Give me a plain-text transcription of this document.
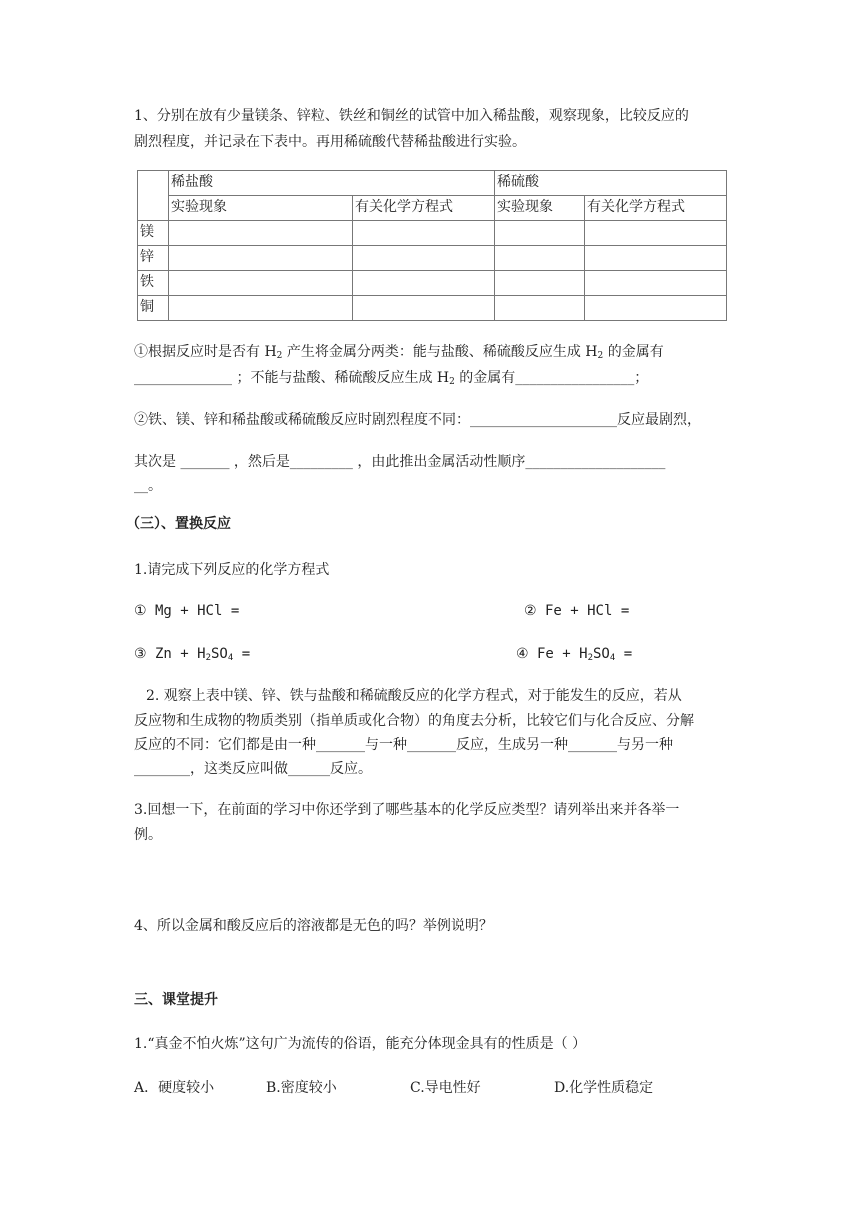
1、分别在放有少量镁条、锌粒、铁丝和铜丝的试管中加入稀盐酸，观察现象，比较反应的
剧烈程度，并记录在下表中。再用稀硫酸代替稀盐酸进行实验。
	稀盐酸		稀硫酸	
	实验现象	有关化学方程式	实验现象	有关化学方程式
镁				
锌				
铁				
铜				
①根据反应时是否有 $H_2$ 产生将金属分两类：能与盐酸、稀硫酸反应生成 $H_2$ 的金属有
______________ ；不能与盐酸、稀硫酸反应生成 $H_2$ 的金属有_________________；
②铁、镁、锌和稀盐酸或稀硫酸反应时剧烈程度不同：_____________________反应最剧烈，
其次是 _______ ，然后是_________ ，由此推出金属活动性顺序____________________
__。
（三）、置换反应
1.请完成下列反应的化学方程式
① Mg + HCl =	② Fe + HCl =
③ $Zn + H_2SO_4$ =	④ $Fe + H_2SO_4$ =
2. 观察上表中镁、锌、铁与盐酸和稀硫酸反应的化学方程式，对于能发生的反应，若从
反应物和生成物的物质类别（指单质或化合物）的角度去分析，比较它们与化合反应、分解
反应的不同：它们都是由一种_______与一种_______反应，生成另一种_______与另一种
________，这类反应叫做______反应。
3.回想一下，在前面的学习中你还学到了哪些基本的化学反应类型？请列举出来并各举一
例。
4、所以金属和酸反应后的溶液都是无色的吗？举例说明？
三、课堂提升
1.“真金不怕火炼”这句广为流传的俗语，能充分体现金具有的性质是（ ）
A．硬度较小	B.密度较小	C.导电性好	D.化学性质稳定
